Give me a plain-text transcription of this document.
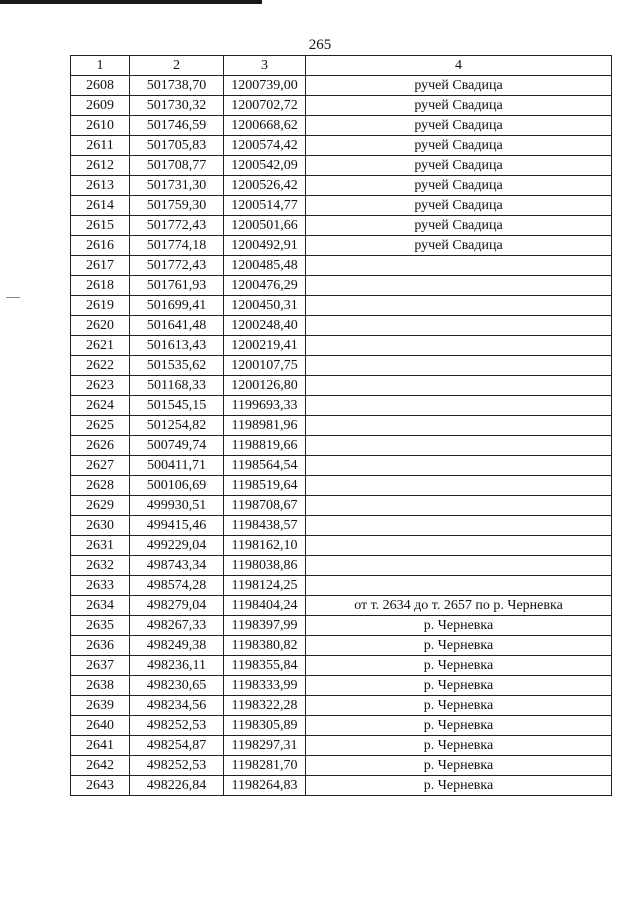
265
1	2	3	4
2608	501738,70	1200739,00	ручей Свадица
2609	501730,32	1200702,72	ручей Свадица
2610	501746,59	1200668,62	ручей Свадица
2611	501705,83	1200574,42	ручей Свадица
2612	501708,77	1200542,09	ручей Свадица
2613	501731,30	1200526,42	ручей Свадица
2614	501759,30	1200514,77	ручей Свадица
2615	501772,43	1200501,66	ручей Свадица
2616	501774,18	1200492,91	ручей Свадица
2617	501772,43	1200485,48	
2618	501761,93	1200476,29	
2619	501699,41	1200450,31	
2620	501641,48	1200248,40	
2621	501613,43	1200219,41	
2622	501535,62	1200107,75	
2623	501168,33	1200126,80	
2624	501545,15	1199693,33	
2625	501254,82	1198981,96	
2626	500749,74	1198819,66	
2627	500411,71	1198564,54	
2628	500106,69	1198519,64	
2629	499930,51	1198708,67	
2630	499415,46	1198438,57	
2631	499229,04	1198162,10	
2632	498743,34	1198038,86	
2633	498574,28	1198124,25	
2634	498279,04	1198404,24	от т. 2634 до т. 2657 по р. Черневка
2635	498267,33	1198397,99	р. Черневка
2636	498249,38	1198380,82	р. Черневка
2637	498236,11	1198355,84	р. Черневка
2638	498230,65	1198333,99	р. Черневка
2639	498234,56	1198322,28	р. Черневка
2640	498252,53	1198305,89	р. Черневка
2641	498254,87	1198297,31	р. Черневка
2642	498252,53	1198281,70	р. Черневка
2643	498226,84	1198264,83	р. Черневка
